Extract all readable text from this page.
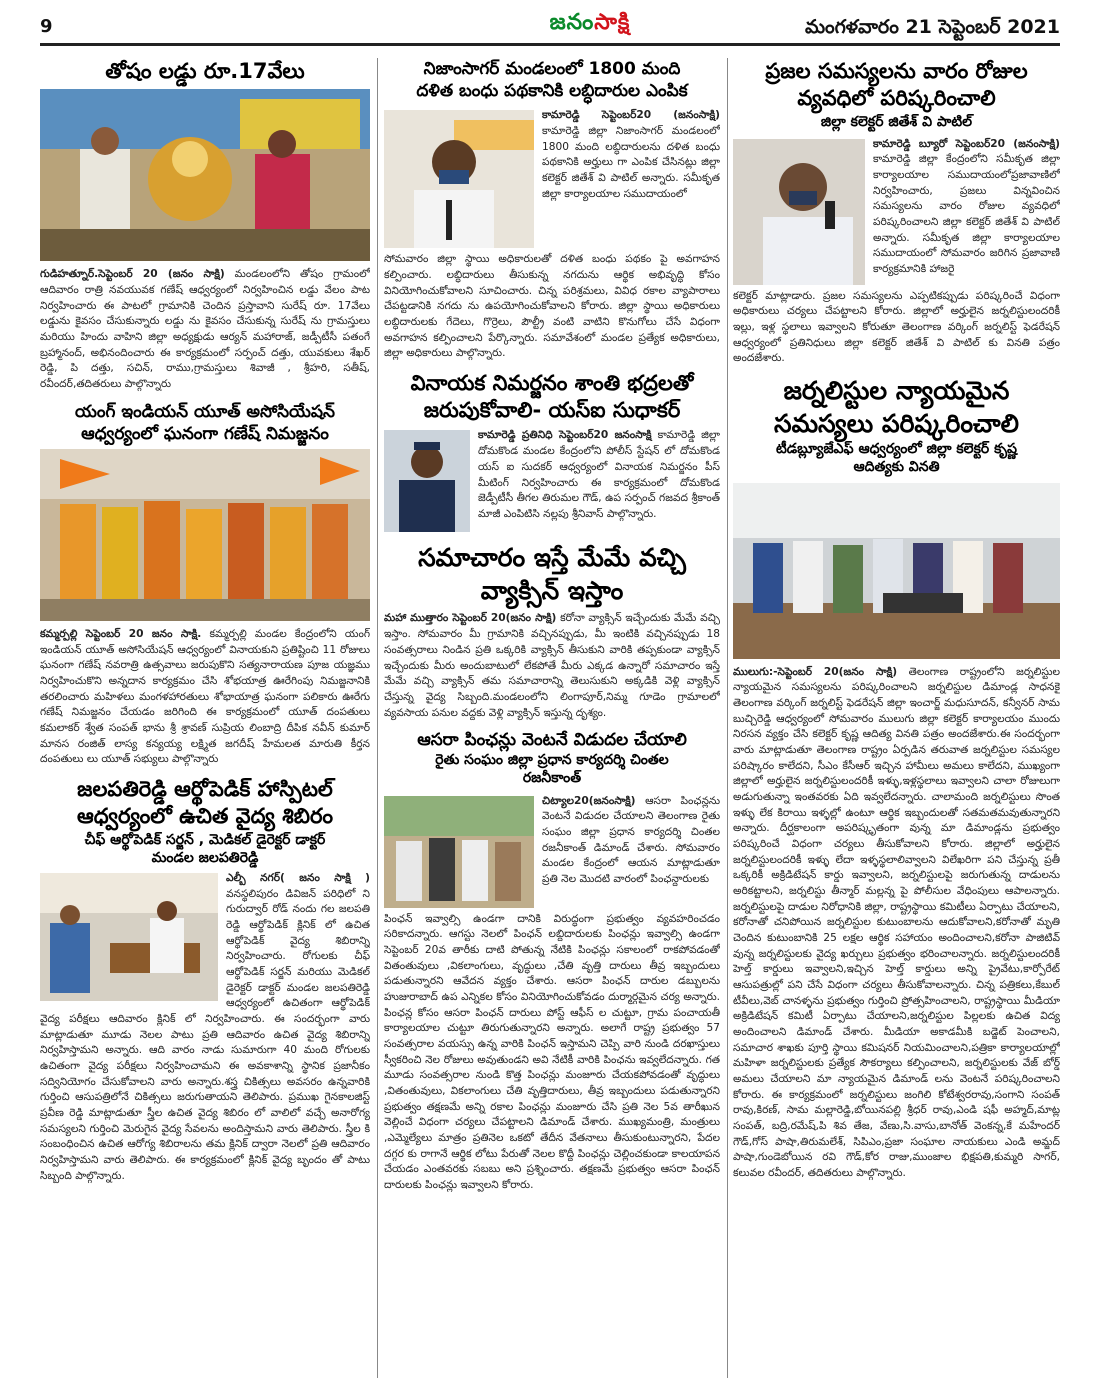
9	జనంసాక్షి	మంగళవారం 21 సెప్టెంబర్ 2021
తోషం లడ్డు రూ.17వేలు

గుడిహత్నూర్.సెప్టెంబర్ 20 (జనం సాక్షి) మండలంలోని తోషం గ్రామంలో ఆదివారం రాత్రి నవయువక గణేష్ ఆధ్వర్యంలో నిర్వహించిన లడ్డు వేలం పాట నిర్వహించారు ఈ పాటలో గ్రామానికి చెందిన ప్రస్తావాని సురేష్ రూ. 17వేలు లడ్డును కైవసం చేసుకున్నారు లడ్డు ను కైవసం చేసుకున్న సురేష్ ను గ్రామస్తులు మరియు హిందు వాహిని జిల్లా అధ్యక్షుడు ఆర్యన్ మహారాజ్, జడ్పీటీసీ పతంగే బ్రహ్మానంద్, అభినందించారు ఈ కార్యక్రమంలో సర్పంచ్ దత్తు, యువకులు శేఖర్ రెడ్డి, పి దత్తు, సచిన్, రాము,గ్రామస్తులు శివాజీ , శ్రీహరి, సతీష్, రవీందర్,తదితరులు పాల్గొన్నారు

యంగ్ ఇండియన్ యూత్ అసోసియేషన్
ఆధ్వర్యంలో ఘనంగా గణేష్ నిమజ్జనం

కమ్మర్పల్లి సెప్టెంబర్ 20 జనం సాక్షి. కమ్మర్పల్లి మండల కేంద్రంలోని యంగ్ ఇండియన్ యూత్ అసోసియేషన్ ఆధ్వర్యంలో వినాయకుని ప్రతిష్టించి 11 రోజులు ఘనంగా గణేష్ నవరాత్రి ఉత్సవాలు జరుపుకొని సత్యనారాయణ పూజ యజ్ఞము నిర్వహించుకొని అన్నదాన కార్యక్రమం చేసి శోభయాత్ర ఊరేగింపు నిమజ్జనానికి తరలించారు మహిళలు మంగళహారతులు శోభాయాత్ర ఘనంగా పలికారు ఊరేగు గణేష్ నిమజ్జనం చేయడం జరిగింది ఈ కార్యక్రమంలో యూత్ దంపతులు కమలాకర్ శ్వేత సంపత్ భాను శ్రీ శ్రావణ్ సుప్రియ లింబాద్రి దీపిక నవీన్ కుమార్ మానస రంజిత్ లాస్య కన్యయ్య లక్ష్మిత జగదీష్ హేమలత మారుతి కీర్తన దంపతులు లు యూత్ సభ్యులు పాల్గొన్నారు

జలపతిరెడ్డి ఆర్థోపెడిక్ హాస్పిటల్
ఆధ్వర్యంలో ఉచిత వైద్య శిబిరం
చీఫ్ ఆర్థోపెడిక్ సర్జన్ , మెడికల్ డైరెక్టర్ డాక్టర్
మండల జలపతిరెడ్డి

ఎల్బీ నగర్( జనం సాక్షి ) వనస్థలిపురం డివిజన్ పరిధిలో ని గురుద్వార్ రోడ్ నందు గల జలపతి రెడ్డి ఆర్థోపెడిక్ క్లినిక్ లో ఉచిత ఆర్థోపెడిక్ వైద్య శిబిరాన్ని నిర్వహించారు. రోగులకు చీఫ్ ఆర్థోపెడిక్ సర్జన్ మరియు మెడికల్ డైరెక్టర్ డాక్టర్ మండల జలపతిరెడ్డి ఆధ్వర్యంలో ఉచితంగా ఆర్థోపెడిక్ వైద్య పరీక్షలు ఆదివారం క్లినిక్ లో నిర్వహించారు. ఈ సందర్భంగా వారు మాట్లాడుతూ మూడు నెలల పాటు ప్రతి ఆదివారం ఉచిత వైద్య శిబిరాన్ని నిర్వహిస్తామని అన్నారు. ఆది వారం నాడు సుమారుగా 40 మంది రోగులకు ఉచితంగా వైద్య పరీక్షలు నిర్వహించామని ఈ అవకాశాన్ని స్థానిక ప్రజానీకం సద్వినియోగం చేసుకోవాలని వారు అన్నారు.శస్త్ర చికిత్సలు అవసరం ఉన్నవారికి గుర్తించి ఆసుపత్రిలోనే చికిత్సలు జరుగుతాయని తెలిపారు. ప్రముఖ గైనకాలజిస్ట్ ప్రవీణ రెడ్డి మాట్లాడుతూ స్త్రీల ఉచిత వైద్య శిబిరం లో వాలిలో వచ్చే అనారోగ్య సమస్యలని గుర్తించి మెరుగైన వైద్య సేవలను అందిస్తామని వారు తెలిపారు. స్త్రీల కి సంబంధించిన ఉచిత ఆరోగ్య శిబిరాలను తమ క్లినిక్ ద్వారా నెలలో ప్రతి ఆదివారం నిర్వహిస్తామని వారు తెలిపారు. ఈ కార్యక్రమంలో క్లినిక్ వైద్య బృందం తో పాటు సిబ్బంది పాల్గొన్నారు.

నిజాంసాగర్ మండలంలో 1800 మంది
దళిత బంధు పథకానికి లబ్ధిదారుల ఎంపిక

కామారెడ్డి సెప్టెంబర్20 (జనంసాక్షి) కామారెడ్డి జిల్లా నిజాంసాగర్ మండలంలో 1800 మంది లబ్ధిదారులను దళిత బంధు పథకానికి అర్హులు గా ఎంపిక చేసినట్లు జిల్లా కలెక్టర్ జితేశ్ వి పాటిల్ అన్నారు. సమీకృత జిల్లా కార్యాలయాల సముదాయంలో

సోమవారం జిల్లా స్థాయి అధికారులతో దళిత బంధు పథకం పై అవగాహన కల్పించారు. లబ్ధిదారులు తీసుకున్న నగదును ఆర్థిక అభివృద్ధి కోసం వినియోగించుకోవాలని సూచించారు. చిన్న పరిశ్రమలు, వివిధ రకాల వ్యాపారాలు చేపట్టడానికి నగదు ను ఉపయోగించుకోవాలని కోరారు. జిల్లా స్థాయి అధికారులు లబ్ధిదారులకు గేదెలు, గొర్రెలు, పౌల్ట్రీ వంటి వాటిని కొనుగోలు చేసే విధంగా అవగాహన కల్పించాలని పేర్కొన్నారు. సమావేశంలో మండల ప్రత్యేక అధికారులు, జిల్లా అధికారులు పాల్గొన్నారు.

వినాయక నిమర్జనం శాంతి భద్రలతో
జరుపుకోవాలి- యస్ఐ సుధాకర్

కామారెడ్డి ప్రతినిధి సెప్టెంబర్20 జనంసాక్షి కామారెడ్డి జిల్లా దోమకొండ మండల కేంద్రంలోని పోలీస్ స్టేషన్ లో దోమకొండ యస్ ఐ సుదకర్ ఆధ్వర్యంలో వినాయక నిమర్జనం పీస్ మీటింగ్ నిర్వహించారు ఈ కార్యక్రమంలో దోమకొండ జెడ్పీటీసీ తీగల తిరుమల గౌడ్, ఉప సర్పంచ్ గజవద శ్రీకాంత్ మాజీ ఎంపిటిసి నల్లపు శ్రీనివాస్ పాల్గొన్నారు.

సమాచారం ఇస్తే మేమే వచ్చి
వ్యాక్సిన్ ఇస్తాం

మహా ముత్తారం సెప్టెంబర్ 20(జనం సాక్షి) కరోనా వ్యాక్సిన్ ఇచ్చేందుకు మేమే వచ్చి ఇస్తాం. సోమవారం మీ గ్రామానికి వచ్చినప్పుడు, మీ ఇంటికి వచ్చినప్పుడు 18 సంవత్సరాలు నిండిన ప్రతి ఒక్కరికి వ్యాక్సిన్ తీసుకుని వారికి తప్పకుండా వ్యాక్సిన్ ఇచ్చేందుకు మీరు అందుబాటులో లేకపోతే మీరు ఎక్కడ ఉన్నారో సమాచారం ఇస్తే మేమే వచ్చి వ్యాక్సిన్ తమ సమాచారాన్ని తెలుసుకుని అక్కడికి వెళ్లి వ్యాక్సిన్ చేస్తున్న వైద్య సిబ్బంది.మండలంలోని లింగాపూర్,నిమ్మ గూడెం గ్రామాలలో వ్యవసాయ పనుల వద్దకు వెళ్లి వ్యాక్సిన్ ఇస్తున్న దృశ్యం.

ఆసరా పింఛన్లు వెంటనే విడుదల చేయాలి
రైతు సంఘం జిల్లా ప్రధాన కార్యదర్శి చింతల
రజనీకాంత్

చిట్యాల20(జనంసాక్షి) ఆసరా పింఛన్లను వెంటనే విడుదల చేయాలని తెలంగాణ రైతు సంఘం జిల్లా ప్రధాన కార్యదర్శి చింతల రజనీకాంత్ డిమాండ్ చేశారు. సోమవారం మండల కేంద్రంలో ఆయన మాట్లాడుతూ ప్రతి నెల మొదటి వారంలో పింఛన్దారులకు

పింఛన్ ఇవ్వాల్సి ఉండగా దానికి విరుద్ధంగా ప్రభుత్వం వ్యవహరించడం సరికాదన్నారు. ఆగస్టు నెలలో పింఛన్ లబ్దిదారులకు పింఛన్లు ఇవ్వాల్సి ఉండగా సెప్టెంబర్ 20వ తారీకు దాటి పోతున్న నేటికి పింఛన్లు సకాలంలో రాకపోవడంతో వితంతువులు ,వికలాంగులు, వృద్ధులు ,చేతి వృత్తి దారులు తీవ్ర ఇబ్బందులు పడుతున్నారని ఆవేదన వ్యక్తం చేశారు. ఆసరా పింఛన్ దారుల డబ్బులను హుజురాబాద్ ఉప ఎన్నికల కోసం వినియోగించుకోవడం దుర్మార్గమైన చర్య అన్నారు. పింఛన్ల కోసం ఆసరా పింఛన్ దారులు పోస్ట్ ఆఫీస్ ల చుట్టూ, గ్రామ పంచాయతీ కార్యాలయాల చుట్టూ తిరుగుతున్నారని అన్నారు. అలాగే రాష్ట్ర ప్రభుత్వం 57 సంవత్సరాల వయస్సు ఉన్న వారికి పింఛన్ ఇస్తామని చెప్పి వారి నుండి దరఖాస్తులు స్వీకరించి నెల రోజులు అవుతుండని అవి నేటికీ వారికి పింఛను ఇవ్వలేదన్నారు. గత మూడు సంవత్సరాల నుండి కొత్త పింఛన్లు మంజూరు చేయకపోవడంతో వృద్ధులు ,వితంతువులు, వికలాంగులు చేతి వృత్తిదారులు, తీవ్ర ఇబ్బందులు పడుతున్నారని ప్రభుత్వం తక్షణమే అన్ని రకాల పింఛన్లు మంజూరు చేసి ప్రతి నెల 5వ తారీఖున వెల్లించే విధంగా చర్యలు చేపట్టాలని డిమాండ్ చేశారు. ముఖ్యమంత్రి, మంత్రులు ,ఎమ్మెల్యేలు మాత్రం ప్రతినెల ఒకటో తేదీన వేతనాలు తీసుకుంటున్నారని, పేదల దగ్గర కు రాగానే ఆర్థిక లోటు పేరుతో నెలల కొద్దీ పింఛన్లు చెల్లించకుండా కాలయాపన చేయడం ఎంతవరకు సబబు అని ప్రశ్నించారు. తక్షణమే ప్రభుత్వం ఆసరా పింఛన్ దారులకు పింఛన్లు ఇవ్వాలని కోరారు.

ప్రజల సమస్యలను వారం రోజుల
వ్యవధిలో పరిష్కరించాలి
జిల్లా కలెక్టర్ జితేశ్ వి పాటిల్

కామారెడ్డి బ్యూరో సెప్టెంబర్20 (జనంసాక్షి) కామారెడ్డి జిల్లా కేంద్రంలోని సమీకృత జిల్లా కార్యాలయాల సముదాయంలోప్రజావాణిలో నిర్వహించారు, ప్రజలు విన్నవించిన సమస్యలను వారం రోజుల వ్యవధిలో పరిష్కరించాలని జిల్లా కలెక్టర్ జితేశ్ వి పాటిల్ అన్నారు. సమీకృత జిల్లా కార్యాలయాల సముదాయంలో సోమవారం జరిగిన ప్రజావాణి కార్యక్రమానికి హాజరై

కలెక్టర్ మాట్లాడారు. ప్రజల సమస్యలను ఎప్పటికప్పుడు పరిష్కరించే విధంగా అధికారులు చర్యలు చేపట్టాలని కోరారు. జిల్లాలో అర్హులైన జర్నలిస్టులందరికీ ఇల్లు, ఇళ్ల స్థలాలు ఇవ్వాలని కోరుతూ తెలంగాణ వర్కింగ్ జర్నలిస్ట్ ఫెడరేషన్ ఆధ్వర్యంలో ప్రతినిధులు జిల్లా కలెక్టర్ జితేశ్ వి పాటిల్ కు వినతి పత్రం అందజేశారు.

జర్నలిస్టుల న్యాయమైన
సమస్యలు పరిష్కరించాలి
టీడబ్ల్యూజేఎఫ్ ఆధ్వర్యంలో జిల్లా కలెక్టర్ కృష్ణ
ఆదిత్యకు వినతి

ములుగు:-సెప్టెంబర్ 20(జనం సాక్షి) తెలంగాణ రాష్ట్రంలోని జర్నలిస్టుల న్యాయమైన సమస్యలను పరిష్కరించాలని జర్నలిస్టుల డిమాండ్ల సాధనకై తెలంగాణ వర్కింగ్ జర్నలిస్ట్ ఫెడరేషన్ జిల్లా ఇంచార్జ్ మధుసూదన్, కన్వీనర్ సామ బుచ్చిరెడ్డి ఆధ్వర్యంలో సోమవారం ములుగు జిల్లా కలెక్టర్ కార్యాలయం ముందు నిరసన వ్యక్తం చేసి కలెక్టర్ కృష్ణ ఆదిత్య వినతి పత్రం అందజేశారు.ఈ సందర్భంగా వారు మాట్లాడుతూ తెలంగాణ రాష్ట్రం ఏర్పడిన తరువాత జర్నలిస్టుల సమస్యల పరిష్కారం కాలేదని, సీఎం కేసీఆర్ ఇచ్చిన హామీలు అమలు కాలేదని, ముఖ్యంగా జిల్లాలో అర్హులైన జర్నలిస్టులందరికీ ఇళ్ళు,ఇళ్లస్థలాలు ఇవ్వాలని చాలా రోజులుగా అడుగుతున్నా ఇంతవరకు ఏది ఇవ్వలేదన్నారు. చాలామంది జర్నలిస్టులు సొంత ఇళ్ళు లేక కిరాయి ఇళ్ళల్లో ఉంటూ ఆర్థిక ఇబ్బందులతో సతమతమవుతున్నారని అన్నారు. దీర్ఘకాలంగా అపరిష్కృతంగా వున్న మా డిమాండ్లను ప్రభుత్వం పరిష్కరించే విధంగా చర్యలు తీసుకోవాలని కోరారు. జిల్లాలో అర్హులైన జర్నలిస్టులందరికీ ఇళ్ళు లేదా ఇళ్ళస్థలాలివ్వాలని విలేఖరిగా పని చేస్తున్న ప్రతీ ఒక్కరికీ అక్రిడిటేషన్ కార్డు ఇవ్వాలని, జర్నలిస్టులపై జరుగుతున్న దాడులను అరికట్టాలని, జర్నలిస్టు తీన్మార్ మల్లన్న పై పోలీసుల వేధింపులు ఆపాలన్నారు. జర్నలిస్టులపై దాడుల నిరోధానికి జిల్లా, రాష్ట్రస్థాయి కమిటీలు ఏర్పాటు చేయాలని, కరోనాతో చనిపోయిన జర్నలిస్టుల కుటుంబాలను ఆదుకోవాలని,కరోనాతో మృతి చెందిన కుటుంబానికి 25 లక్షల ఆర్థిక సహాయం అందించాలని,కరోనా పాజిటివ్ వున్న జర్నలిస్టులకు వైద్య ఖర్చులు ప్రభుత్వం భరించాలన్నారు. జర్నలిస్టులందరికీ హెల్త్ కార్డులు ఇవ్వాలని,ఇచ్చిన హెల్త్ కార్డులు అన్ని ప్రైవేటు,కార్పోరేట్ ఆసుపత్రుల్లో పని చేసే విధంగా చర్యలు తీసుకోవాలన్నారు. చిన్న పత్రికలు,కేబుల్ టీవీలు,వెబ్ చానళ్ళను ప్రభుత్వం గుర్తించి ప్రోత్సహించాలని, రాష్ట్రస్థాయి మీడియా అక్రిడిటేషన్ కమిటీ ఏర్పాటు చేయాలని,జర్నలిస్టుల పిల్లలకు ఉచిత విద్య అందించాలని డిమాండ్ చేశారు. మీడియా అకాడమీకి బడ్జెట్ పెంచాలని, సమాచార శాఖకు పూర్తి స్థాయి కమిషనర్ నియమించాలని,పత్రికా కార్యాలయాల్లో మహిళా జర్నలిస్టులకు ప్రత్యేక సౌకర్యాలు కల్పించాలని, జర్నలిస్టులకు వేజ్ బోర్డ్ అమలు చేయాలని మా న్యాయమైన డిమాండ్ లను వెంటనే పరిష్కరించాలని కోరారు. ఈ కార్యక్రమంలో జర్నలిస్టులు జంగిలి కోటేశ్వరరావు,సంగాని సంపత్ రావు,కిరణ్, సామ మల్లారెడ్డి,బోయినపల్లి శ్రీధర్ రావు,ఎండి షఫీ అహ్మద్,మాట్ల సంపత్, బద్రి,రమేష్,పి శివ తేజ, వేణు,సి.వాసు,బానోత్ వెంకన్న,కే మహేందర్ గౌడ్,గోస్ పాషా,తిరుమలేశ్, సిపిఎం,ప్రజా సంఘాల నాయకులు ఎండి అమ్జద్ పాషా,గుండెబోయిన రవి గౌడ్,కోర రాజు,ముంజాల భిక్షపతి,కుమ్మరి సాగర్, కలువల రవీందర్, తదితరులు పాల్గొన్నారు.
